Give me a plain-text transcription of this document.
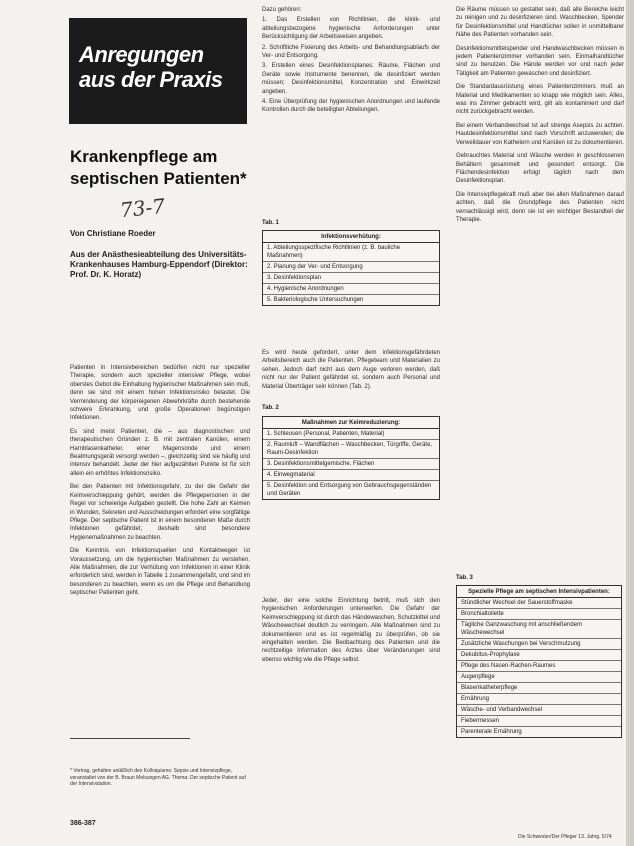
Anregungen
aus der Praxis
Krankenpflege am
septischen Patienten*
73-7
Von Christiane Roeder
Aus der Anästhesieabteilung des Universitäts-Krankenhauses Hamburg-Eppendorf (Direktor: Prof. Dr. K. Horatz)

Patienten in Intensivbereichen bedürfen nicht nur spezieller Therapie, sondern auch spezieller intensiver Pflege, wobei oberstes Gebot die Einhaltung hygienischer Maßnahmen sein muß, denn sie sind mit einem hohen Infektionsrisiko belastet. Die Verminderung der körpereigenen Abwehrkräfte durch bestehende schwere Erkrankung, und große Operationen begünstigen Infektionen.

Es sind meist Patienten, die – aus diagnostischen und therapeutischen Gründen z. B. mit zentralen Kanülen, einem Harnblasenkatheter, einer Magensonde und einem Beatmungsgerät versorgt werden –, gleichzeitig sind sie häufig und intensiv behandelt. Jeder der hier aufgezählten Punkte ist für sich allein ein erhöhtes Infektionsrisiko.

Bei den Patienten mit Infektionsgefahr, zu der die Gefahr der Keimverschleppung gehört, werden die Pflegepersonen in der Regel vor schwierige Aufgaben gestellt. Die hohe Zahl an Keimen in Wunden, Sekreten und Ausscheidungen erfordert eine sorgfältige Pflege. Der septische Patient ist in einem besonderen Maße durch Infektionen gefährdet, deshalb sind besondere Hygienemaßnahmen zu beachten.

Die Kenntnis von Infektionsquellen und Kontaktwegen ist Voraussetzung, um die hygienischen Maßnahmen zu verstehen. Alle Maßnahmen, die zur Verhütung von Infektionen in einer Klinik erforderlich sind, werden in Tabelle 1 zusammengefaßt, und sind im besonderen zu beachten, wenn es um die Pflege und Behandlung septischer Patienten geht.

* Vortrag, gehalten anläßlich des Kolloquiums: Sepsis und Intensivpflege, veranstaltet von der B. Braun Melsungen AG. Thema: Der septische Patient auf der Intensivstation.
386-387

Dazu gehören:

1. Das Erstellen von Richtlinien, die klinik- und abteilungsbezogene hygienische Anforderungen unter Berücksichtigung der Arbeitsweisen angeben.

2. Schriftliche Fixierung des Arbeits- und Behandlungsablaufs der Ver- und Entsorgung.

3. Erstellen eines Desinfektionsplanes: Räume, Flächen und Geräte sowie Instrumente benennen, die desinfiziert werden müssen; Desinfektionsmittel, Konzentration und Einwirkzeit angeben.

4. Eine Überprüfung der hygienischen Anordnungen und laufende Kontrollen durch die beteiligten Abteilungen.

Tab. 1
Infektionsverhütung:
1. Abteilungsspezifische Richtlinien (z. B. bauliche Maßnahmen)
2. Planung der Ver- und Entsorgung
3. Desinfektionsplan
4. Hygienische Anordnungen
5. Bakteriologische Untersuchungen

Es wird heute gefordert, unter dem infektionsgefährdeten Arbeitsbereich auch die Patienten, Pflegeteam und Materialien zu sehen. Jedoch darf nicht aus dem Auge verloren werden, daß nicht nur der Patient gefährdet ist, sondern auch Personal und Material Überträger sein können (Tab. 2).

Tab. 2
Maßnahmen zur Keimreduzierung:
1. Schleusen (Personal, Patienten, Material)
2. Raumluft – Wandflächen – Waschbecken, Türgriffe, Geräte, Raum-Desinfektion
3. Desinfektionsmittelgemische, Flächen
4. Einwegmaterial
5. Desinfektion und Entsorgung von Gebrauchsgegenständen und Geräten

Jeder, der eine solche Einrichtung betritt, muß sich den hygienischen Anforderungen unterwerfen. Die Gefahr der Keimverschleppung ist durch das Händewaschen, Schutzkittel und Wäschewechsel deutlich zu verringern. Alle Maßnahmen sind zu dokumentieren und es ist regelmäßig zu überprüfen, ob sie eingehalten werden. Die Beobachtung des Patienten und die rechtzeitige Information des Arztes über Veränderungen sind ebenso wichtig wie die Pflege selbst.

Die Räume müssen so gestaltet sein, daß alle Bereiche leicht zu reinigen und zu desinfizieren sind. Waschbecken, Spender für Desinfektionsmittel und Handtücher sollen in unmittelbarer Nähe des Patienten vorhanden sein.

Desinfektionsmittelspender und Handwaschbecken müssen in jedem Patientenzimmer vorhanden sein. Einmalhandtücher sind zu benutzen. Die Hände werden vor und nach jeder Tätigkeit am Patienten gewaschen und desinfiziert.

Die Standardausrüstung eines Patientenzimmers muß an Material und Medikamenten so knapp wie möglich sein. Alles, was ins Zimmer gebracht wird, gilt als kontaminiert und darf nicht zurückgebracht werden.

Bei einem Verbandwechsel ist auf strenge Asepsis zu achten. Hautdesinfektionsmittel sind nach Vorschrift anzuwenden; die Verweildauer von Kathetern und Kanülen ist zu dokumentieren.

Gebrauchtes Material und Wäsche werden in geschlossenen Behältern gesammelt und gesondert entsorgt. Die Flächendesinfektion erfolgt täglich nach dem Desinfektionsplan.

Die Intensivpflegekraft muß aber bei allen Maßnahmen darauf achten, daß die Grundpflege des Patienten nicht vernachlässigt wird, denn sie ist ein wichtiger Bestandteil der Therapie.

Tab. 3
Spezielle Pflege am septischen Intensivpatienten:
Stündlicher Wechsel der Sauerstoffmaske
Bronchialtoilette
Tägliche Ganzwaschung mit anschließendem Wäschewechsel
Zusätzliche Waschungen bei Verschmutzung
Dekubitus-Prophylaxe
Pflege des Nasen-Rachen-Raumes
Augenpflege
Blasenkatheterpflege
Ernährung
Wäsche- und Verbandwechsel
Fiebermessen
Parenterale Ernährung
Die Schwester/Der Pfleger 13. Jahrg. 5/74
